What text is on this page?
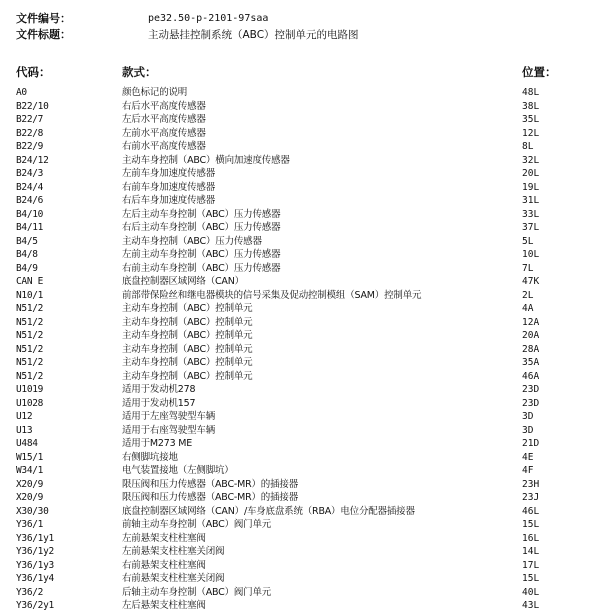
文件编号：	pe32.50-p-2101-97saa
文件标题：	主动悬挂控制系统（ABC）控制单元的电路图
代码：	款式：	位置：
A0	颜色标记的说明	48L
B22/10	右后水平高度传感器	38L
B22/7	左后水平高度传感器	35L
B22/8	左前水平高度传感器	12L
B22/9	右前水平高度传感器	8L
B24/12	主动车身控制（ABC）横向加速度传感器	32L
B24/3	左前车身加速度传感器	20L
B24/4	右前车身加速度传感器	19L
B24/6	右后车身加速度传感器	31L
B4/10	左后主动车身控制（ABC）压力传感器	33L
B4/11	右后主动车身控制（ABC）压力传感器	37L
B4/5	主动车身控制（ABC）压力传感器	5L
B4/8	左前主动车身控制（ABC）压力传感器	10L
B4/9	右前主动车身控制（ABC）压力传感器	7L
CAN E	底盘控制器区域网络（CAN）	47K
N10/1	前部带保险丝和继电器模块的信号采集及促动控制模组（SAM）控制单元	2L
N51/2	主动车身控制（ABC）控制单元	4A
N51/2	主动车身控制（ABC）控制单元	12A
N51/2	主动车身控制（ABC）控制单元	20A
N51/2	主动车身控制（ABC）控制单元	28A
N51/2	主动车身控制（ABC）控制单元	35A
N51/2	主动车身控制（ABC）控制单元	46A
U1019	适用于发动机278	23D
U1028	适用于发动机157	23D
U12	适用于左座驾驶型车辆	3D
U13	适用于右座驾驶型车辆	3D
U484	适用于M273 ME	21D
W15/1	右侧脚坑接地	4E
W34/1	电气装置接地（左侧脚坑）	4F
X20/9	限压阀和压力传感器（ABC-MR）的插接器	23H
X20/9	限压阀和压力传感器（ABC-MR）的插接器	23J
X30/30	底盘控制器区域网络（CAN）/车身底盘系统（RBA）电位分配器插接器	46L
Y36/1	前轴主动车身控制（ABC）阀门单元	15L
Y36/1y1	左前悬架支柱柱塞阀	16L
Y36/1y2	左前悬架支柱柱塞关闭阀	14L
Y36/1y3	右前悬架支柱柱塞阀	17L
Y36/1y4	右前悬架支柱柱塞关闭阀	15L
Y36/2	后轴主动车身控制（ABC）阀门单元	40L
Y36/2y1	左后悬架支柱柱塞阀	43L
